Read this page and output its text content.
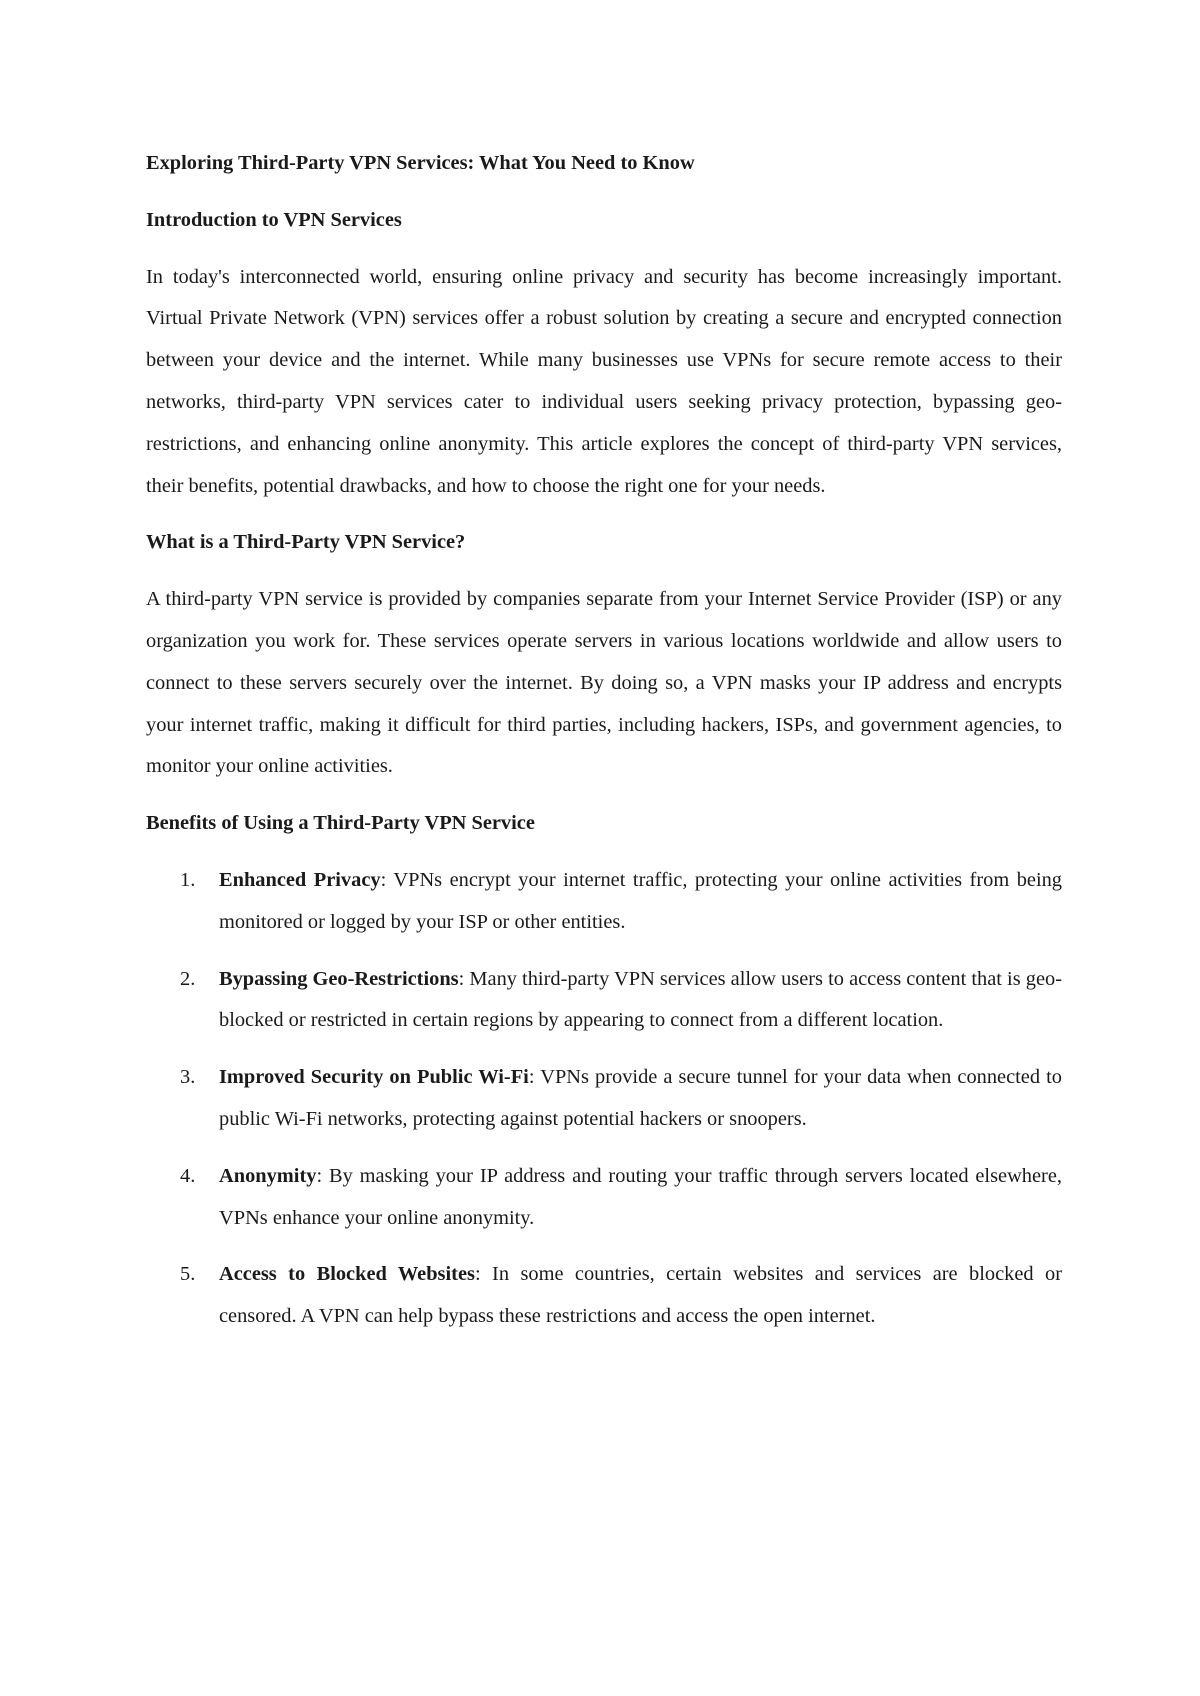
Exploring Third-Party VPN Services: What You Need to Know
Introduction to VPN Services

In today's interconnected world, ensuring online privacy and security has become increasingly important. Virtual Private Network (VPN) services offer a robust solution by creating a secure and encrypted connection between your device and the internet. While many businesses use VPNs for secure remote access to their networks, third-party VPN services cater to individual users seeking privacy protection, bypassing geo-restrictions, and enhancing online anonymity. This article explores the concept of third-party VPN services, their benefits, potential drawbacks, and how to choose the right one for your needs.

What is a Third-Party VPN Service?

A third-party VPN service is provided by companies separate from your Internet Service Provider (ISP) or any organization you work for. These services operate servers in various locations worldwide and allow users to connect to these servers securely over the internet. By doing so, a VPN masks your IP address and encrypts your internet traffic, making it difficult for third parties, including hackers, ISPs, and government agencies, to monitor your online activities.

Benefits of Using a Third-Party VPN Service
1. Enhanced Privacy: VPNs encrypt your internet traffic, protecting your online activities from being monitored or logged by your ISP or other entities.
2. Bypassing Geo-Restrictions: Many third-party VPN services allow users to access content that is geo-blocked or restricted in certain regions by appearing to connect from a different location.
3. Improved Security on Public Wi-Fi: VPNs provide a secure tunnel for your data when connected to public Wi-Fi networks, protecting against potential hackers or snoopers.
4. Anonymity: By masking your IP address and routing your traffic through servers located elsewhere, VPNs enhance your online anonymity.
5. Access to Blocked Websites: In some countries, certain websites and services are blocked or censored. A VPN can help bypass these restrictions and access the open internet.
